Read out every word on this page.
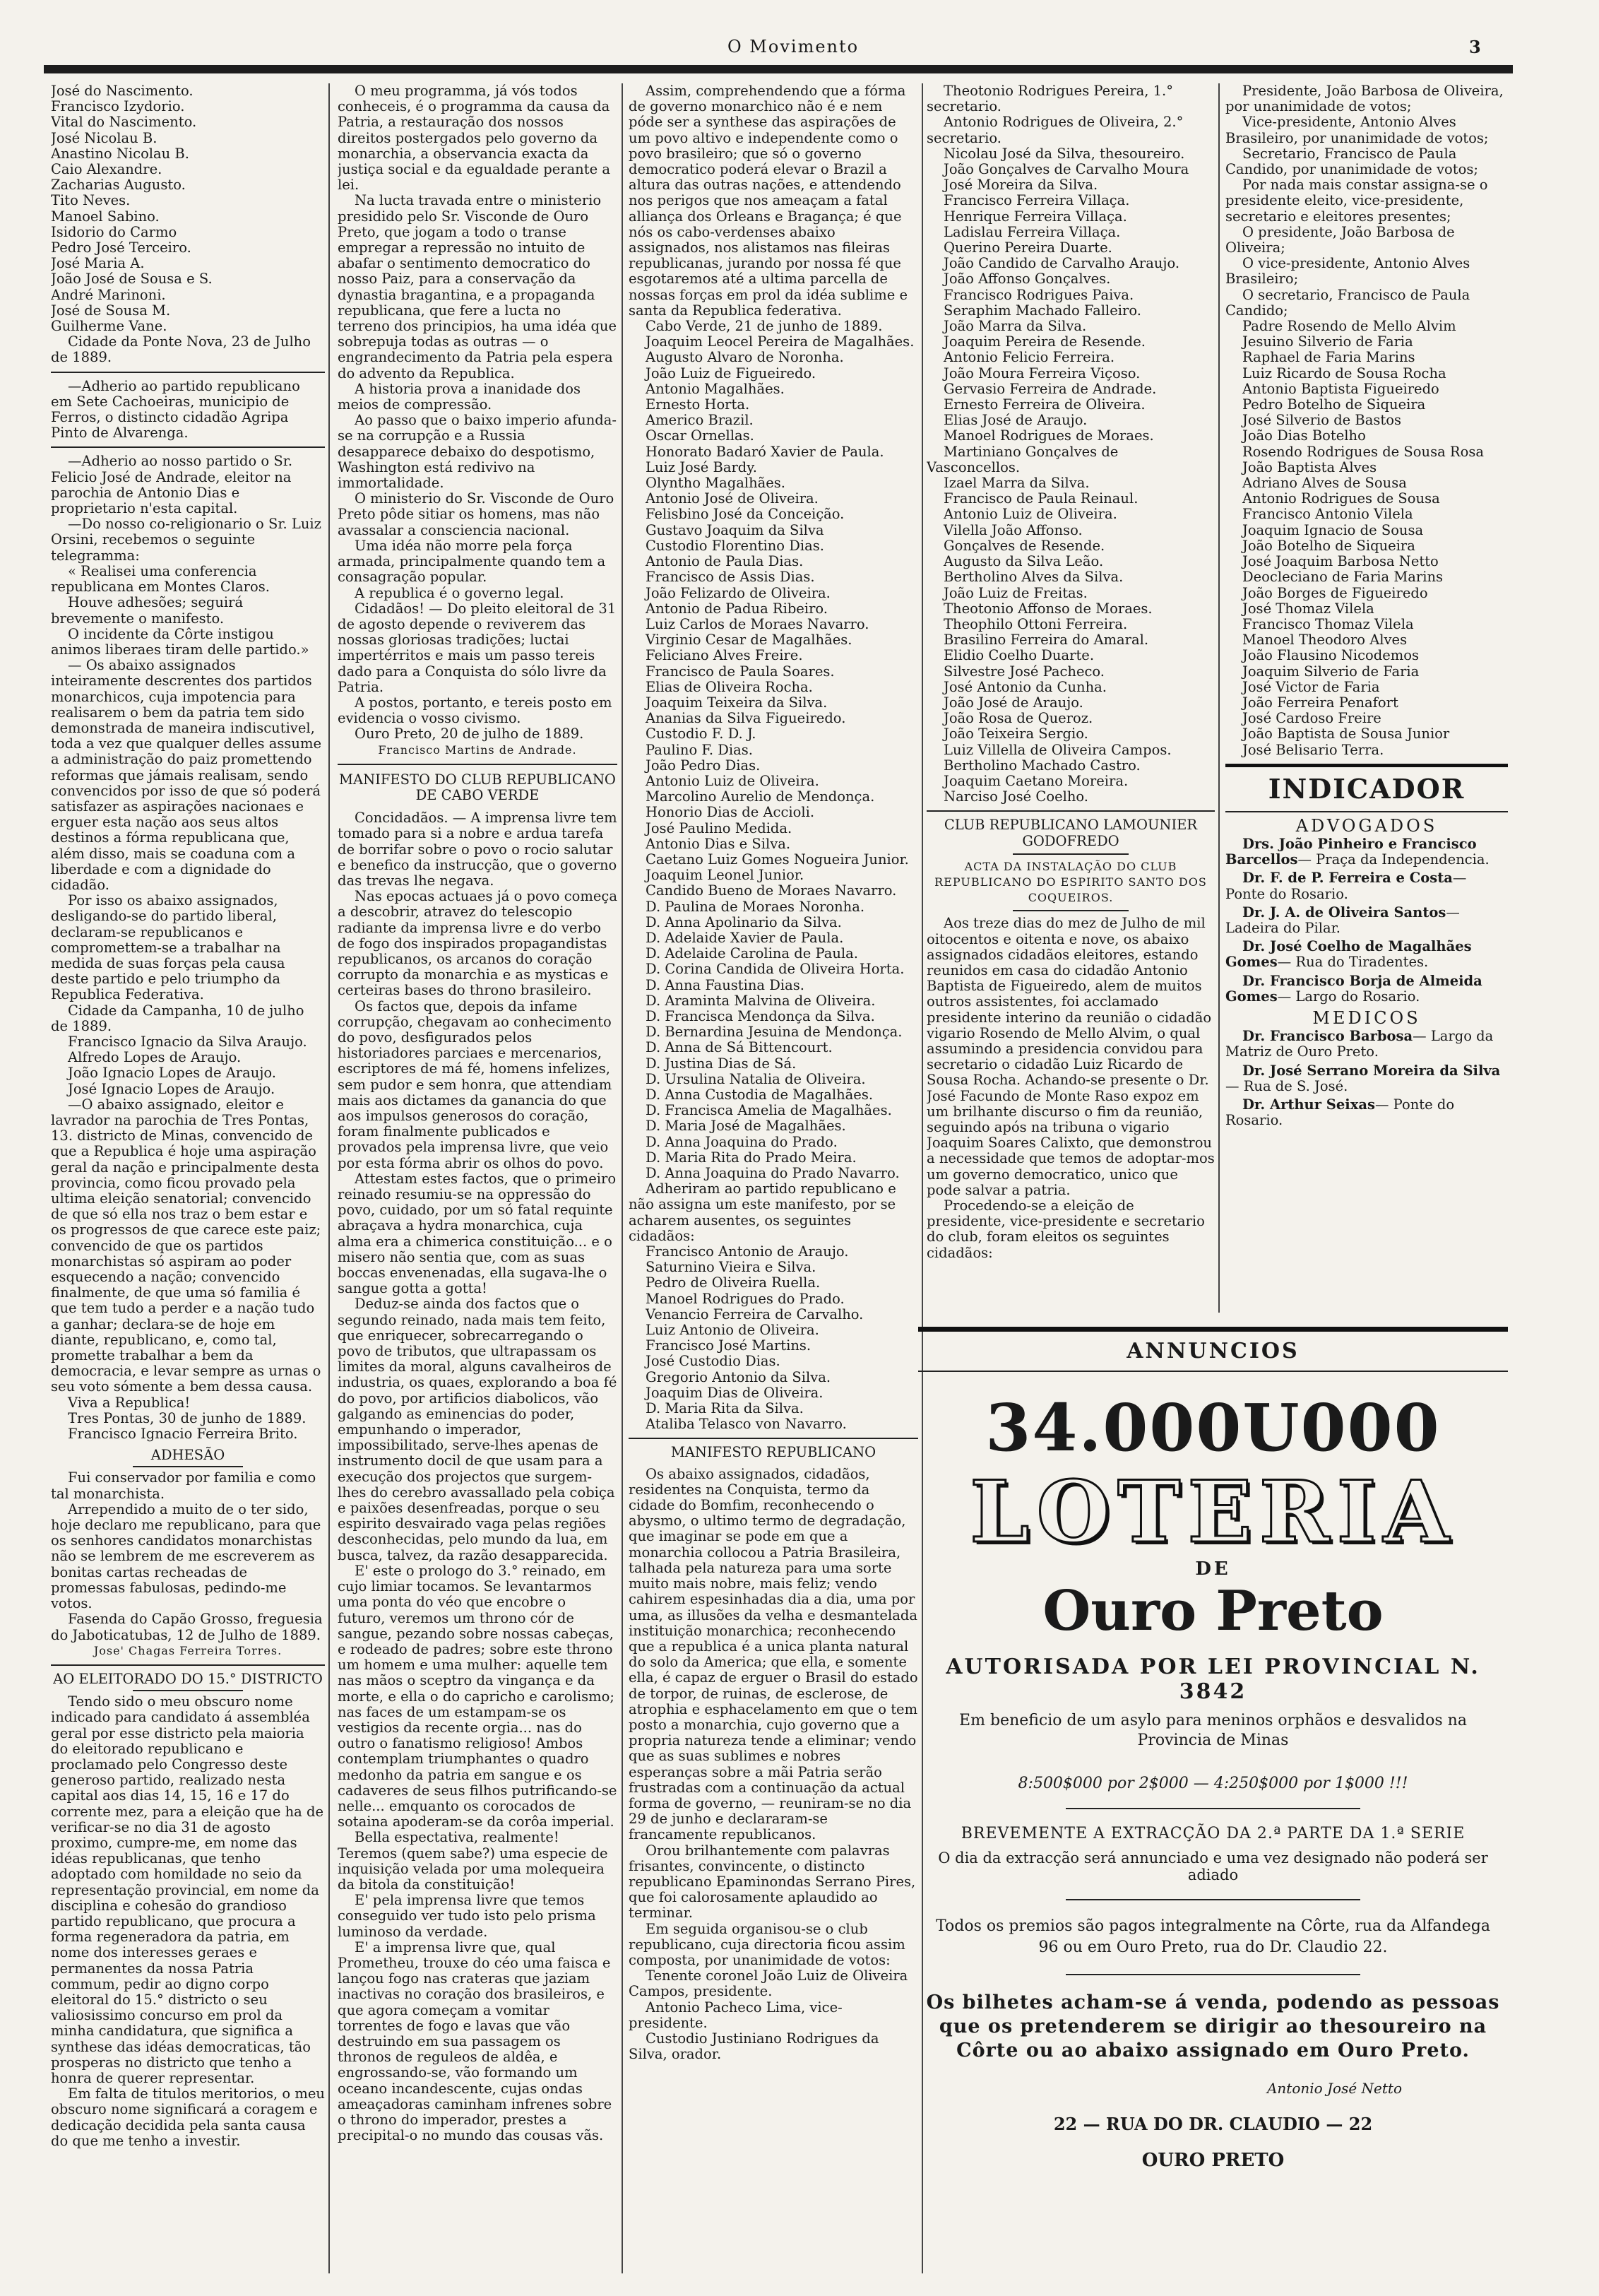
O Movimento	3

José do Nascimento.

Francisco Izydorio.

Vital do Nascimento.

José Nicolau B.

Anastino Nicolau B.

Caio Alexandre.

Zacharias Augusto.

Tito Neves.

Manoel Sabino.

Isidorio do Carmo

Pedro José Terceiro.

José Maria A.

João José de Sousa e S.

André Marinoni.

José de Sousa M.

Guilherme Vane.

Cidade da Ponte Nova, 23 de Julho de 1889.

—Adherio ao partido republicano em Sete Cachoeiras, municipio de Ferros, o distincto cidadão Agripa Pinto de Alvarenga.

—Adherio ao nosso partido o Sr. Felicio José de Andrade, eleitor na parochia de Antonio Dias e proprietario n'esta capital.

—Do nosso co-religionario o Sr. Luiz Orsini, recebemos o seguinte telegramma:

« Realisei uma conferencia republicana em Montes Claros.

Houve adhesões; seguirá brevemente o manifesto.

O incidente da Côrte instigou animos liberaes tiram delle partido.»

— Os abaixo assignados inteiramente descrentes dos partidos monarchicos, cuja impotencia para realisarem o bem da patria tem sido demonstrada de maneira indiscutivel, toda a vez que qualquer delles assume a administração do paiz promettendo reformas que jámais realisam, sendo convencidos por isso de que só poderá satisfazer as aspirações nacionaes e erguer esta nação aos seus altos destinos a fórma republicana que, além disso, mais se coaduna com a liberdade e com a dignidade do cidadão.

Por isso os abaixo assignados, desligando-se do partido liberal, declaram-se republicanos e compromettem-se a trabalhar na medida de suas forças pela causa deste partido e pelo triumpho da Republica Federativa.

Cidade da Campanha, 10 de julho de 1889.

Francisco Ignacio da Silva Araujo.

Alfredo Lopes de Araujo.

João Ignacio Lopes de Araujo.

José Ignacio Lopes de Araujo.

—O abaixo assignado, eleitor e lavrador na parochia de Tres Pontas, 13. districto de Minas, convencido de que a Republica é hoje uma aspiração geral da nação e principalmente desta provincia, como ficou provado pela ultima eleição senatorial; convencido de que só ella nos traz o bem estar e os progressos de que carece este paiz; convencido de que os partidos monarchistas só aspiram ao poder esquecendo a nação; convencido finalmente, de que uma só familia é que tem tudo a perder e a nação tudo a ganhar; declara-se de hoje em diante, republicano, e, como tal, promette trabalhar a bem da democracia, e levar sempre as urnas o seu voto sómente a bem dessa causa.

Viva a Republica!

Tres Pontas, 30 de junho de 1889.

Francisco Ignacio Ferreira Brito.

ADHESÃO

Fui conservador por familia e como tal monarchista.

Arrependido a muito de o ter sido, hoje declaro me republicano, para que os senhores candidatos monarchistas não se lembrem de me escreverem as bonitas cartas recheadas de promessas fabulosas, pedindo-me votos.

Fasenda do Capão Grosso, freguesia do Jaboticatubas, 12 de Julho de 1889.

Jose' Chagas Ferreira Torres.

AO ELEITORADO DO 15.° DISTRICTO

Tendo sido o meu obscuro nome indicado para candidato á assembléa geral por esse districto pela maioria do eleitorado republicano e proclamado pelo Congresso deste generoso partido, realizado nesta capital aos dias 14, 15, 16 e 17 do corrente mez, para a eleição que ha de verificar-se no dia 31 de agosto proximo, cumpre-me, em nome das idéas republicanas, que tenho adoptado com homildade no seio da representação provincial, em nome da disciplina e cohesão do grandioso partido republicano, que procura a forma regeneradora da patria, em nome dos interesses geraes e permanentes da nossa Patria commum, pedir ao digno corpo eleitoral do 15.° districto o seu valiosissimo concurso em prol da minha candidatura, que significa a synthese das idéas democraticas, tão prosperas no districto que tenho a honra de querer representar.

Em falta de titulos meritorios, o meu obscuro nome significará a coragem e dedicação decidida pela santa causa do que me tenho a investir.

O meu programma, já vós todos conheceis, é o programma da causa da Patria, a restauração dos nossos direitos postergados pelo governo da monarchia, a observancia exacta da justiça social e da egualdade perante a lei.

Na lucta travada entre o ministerio presidido pelo Sr. Visconde de Ouro Preto, que jogam a todo o transe empregar a repressão no intuito de abafar o sentimento democratico do nosso Paiz, para a conservação da dynastia bragantina, e a propaganda republicana, que fere a lucta no terreno dos principios, ha uma idéa que sobrepuja todas as outras — o engrandecimento da Patria pela espera do advento da Republica.

A historia prova a inanidade dos meios de compressão.

Ao passo que o baixo imperio afunda-se na corrupção e a Russia desapparece debaixo do despotismo, Washington está redivivo na immortalidade.

O ministerio do Sr. Visconde de Ouro Preto pôde sitiar os homens, mas não avassalar a consciencia nacional.

Uma idéa não morre pela força armada, principalmente quando tem a consagração popular.

A republica é o governo legal.

Cidadãos! — Do pleito eleitoral de 31 de agosto depende o reviverem das nossas gloriosas tradições; luctai impertérritos e mais um passo tereis dado para a Conquista do sólo livre da Patria.

A postos, portanto, e tereis posto em evidencia o vosso civismo.

Ouro Preto, 20 de julho de 1889.

Francisco Martins de Andrade.

MANIFESTO DO CLUB REPUBLICANO DE CABO VERDE

Concidadãos. — A imprensa livre tem tomado para si a nobre e ardua tarefa de borrifar sobre o povo o rocio salutar e benefico da instrucção, que o governo das trevas lhe negava.

Nas epocas actuaes já o povo começa a descobrir, atravez do telescopio radiante da imprensa livre e do verbo de fogo dos inspirados propagandistas republicanos, os arcanos do coração corrupto da monarchia e as mysticas e certeiras bases do throno brasileiro.

Os factos que, depois da infame corrupção, chegavam ao conhecimento do povo, desfigurados pelos historiadores parciaes e mercenarios, escriptores de má fé, homens infelizes, sem pudor e sem honra, que attendiam mais aos dictames da ganancia do que aos impulsos generosos do coração, foram finalmente publicados e provados pela imprensa livre, que veio por esta fórma abrir os olhos do povo.

Attestam estes factos, que o primeiro reinado resumiu-se na oppressão do povo, cuidado, por um só fatal requinte abraçava a hydra monarchica, cuja alma era a chimerica constituição... e o misero não sentia que, com as suas boccas envenenadas, ella sugava-lhe o sangue gotta a gotta!

Deduz-se ainda dos factos que o segundo reinado, nada mais tem feito, que enriquecer, sobrecarregando o povo de tributos, que ultrapassam os limites da moral, alguns cavalheiros de industria, os quaes, explorando a boa fé do povo, por artificios diabolicos, vão galgando as eminencias do poder, empunhando o imperador, impossibilitado, serve-lhes apenas de instrumento docil de que usam para a execução dos projectos que surgem-lhes do cerebro avassallado pela cobiça e paixões desenfreadas, porque o seu espirito desvairado vaga pelas regiões desconhecidas, pelo mundo da lua, em busca, talvez, da razão desapparecida.

E' este o prologo do 3.° reinado, em cujo limiar tocamos. Se levantarmos uma ponta do véo que encobre o futuro, veremos um throno cór de sangue, pezando sobre nossas cabeças, e rodeado de padres; sobre este throno um homem e uma mulher: aquelle tem nas mãos o sceptro da vingança e da morte, e ella o do capricho e carolismo; nas faces de um estampam-se os vestigios da recente orgia... nas do outro o fanatismo religioso! Ambos contemplam triumphantes o quadro medonho da patria em sangue e os cadaveres de seus filhos putrificando-se nelle... emquanto os corocados de sotaina apoderam-se da corôa imperial.

Bella espectativa, realmente! Teremos (quem sabe?) uma especie de inquisição velada por uma molequeira da bitola da constituição!

E' pela imprensa livre que temos conseguido ver tudo isto pelo prisma luminoso da verdade.

E' a imprensa livre que, qual Prometheu, trouxe do céo uma faisca e lançou fogo nas crateras que jaziam inactivas no coração dos brasileiros, e que agora começam a vomitar torrentes de fogo e lavas que vão destruindo em sua passagem os thronos de reguleos de aldêa, e engrossando-se, vão formando um oceano incandescente, cujas ondas ameaçadoras caminham infrenes sobre o throno do imperador, prestes a precipital-o no mundo das cousas vãs.

Assim, comprehendendo que a fórma de governo monarchico não é e nem póde ser a synthese das aspirações de um povo altivo e independente como o povo brasileiro; que só o governo democratico poderá elevar o Brazil a altura das outras nações, e attendendo nos perigos que nos ameaçam a fatal alliança dos Orleans e Bragança; é que nós os cabo-verdenses abaixo assignados, nos alistamos nas fileiras republicanas, jurando por nossa fé que esgotaremos até a ultima parcella de nossas forças em prol da idéa sublime e santa da Republica federativa.

Cabo Verde, 21 de junho de 1889.

Joaquim Leocel Pereira de Magalhães.

Augusto Alvaro de Noronha.

João Luiz de Figueiredo.

Antonio Magalhães.

Ernesto Horta.

Americo Brazil.

Oscar Ornellas.

Honorato Badaró Xavier de Paula.

Luiz José Bardy.

Olyntho Magalhães.

Antonio José de Oliveira.

Felisbino José da Conceição.

Gustavo Joaquim da Silva

Custodio Florentino Dias.

Antonio de Paula Dias.

Francisco de Assis Dias.

João Felizardo de Oliveira.

Antonio de Padua Ribeiro.

Luiz Carlos de Moraes Navarro.

Virginio Cesar de Magalhães.

Feliciano Alves Freire.

Francisco de Paula Soares.

Elias de Oliveira Rocha.

Joaquim Teixeira da Silva.

Ananias da Silva Figueiredo.

Custodio F. D. J.

Paulino F. Dias.

João Pedro Dias.

Antonio Luiz de Oliveira.

Marcolino Aurelio de Mendonça.

Honorio Dias de Accioli.

José Paulino Medida.

Antonio Dias e Silva.

Caetano Luiz Gomes Nogueira Junior.

Joaquim Leonel Junior.

Candido Bueno de Moraes Navarro.

D. Paulina de Moraes Noronha.

D. Anna Apolinario da Silva.

D. Adelaide Xavier de Paula.

D. Adelaide Carolina de Paula.

D. Corina Candida de Oliveira Horta.

D. Anna Faustina Dias.

D. Araminta Malvina de Oliveira.

D. Francisca Mendonça da Silva.

D. Bernardina Jesuina de Mendonça.

D. Anna de Sá Bittencourt.

D. Justina Dias de Sá.

D. Ursulina Natalia de Oliveira.

D. Anna Custodia de Magalhães.

D. Francisca Amelia de Magalhães.

D. Maria José de Magalhães.

D. Anna Joaquina do Prado.

D. Maria Rita do Prado Meira.

D. Anna Joaquina do Prado Navarro.

Adheriram ao partido republicano e não assigna um este manifesto, por se acharem ausentes, os seguintes cidadãos:

Francisco Antonio de Araujo.

Saturnino Vieira e Silva.

Pedro de Oliveira Ruella.

Manoel Rodrigues do Prado.

Venancio Ferreira de Carvalho.

Luiz Antonio de Oliveira.

Francisco José Martins.

José Custodio Dias.

Gregorio Antonio da Silva.

Joaquim Dias de Oliveira.

D. Maria Rita da Silva.

Ataliba Telasco von Navarro.

MANIFESTO REPUBLICANO

Os abaixo assignados, cidadãos, residentes na Conquista, termo da cidade do Bomfim, reconhecendo o abysmo, o ultimo termo de degradação, que imaginar se pode em que a monarchia collocou a Patria Brasileira, talhada pela natureza para uma sorte muito mais nobre, mais feliz; vendo cahirem espesinhadas dia a dia, uma por uma, as illusões da velha e desmantelada instituição monarchica; reconhecendo que a republica é a unica planta natural do solo da America; que ella, e somente ella, é capaz de erguer o Brasil do estado de torpor, de ruinas, de esclerose, de atrophia e esphacelamento em que o tem posto a monarchia, cujo governo que a propria natureza tende a eliminar; vendo que as suas sublimes e nobres esperanças sobre a mãi Patria serão frustradas com a continuação da actual forma de governo, — reuniram-se no dia 29 de junho e declararam-se francamente republicanos.

Orou brilhantemente com palavras frisantes, convincente, o distincto republicano Epaminondas Serrano Pires, que foi calorosamente aplaudido ao terminar.

Em seguida organisou-se o club republicano, cuja directoria ficou assim composta, por unanimidade de votos:

Tenente coronel João Luiz de Oliveira Campos, presidente.

Antonio Pacheco Lima, vice-presidente.

Custodio Justiniano Rodrigues da Silva, orador.

Theotonio Rodrigues Pereira, 1.° secretario.

Antonio Rodrigues de Oliveira, 2.° secretario.

Nicolau José da Silva, thesoureiro.

João Gonçalves de Carvalho Moura

José Moreira da Silva.

Francisco Ferreira Villaça.

Henrique Ferreira Villaça.

Ladislau Ferreira Villaça.

Querino Pereira Duarte.

João Candido de Carvalho Araujo.

João Affonso Gonçalves.

Francisco Rodrigues Paiva.

Seraphim Machado Falleiro.

João Marra da Silva.

Joaquim Pereira de Resende.

Antonio Felicio Ferreira.

João Moura Ferreira Viçoso.

Gervasio Ferreira de Andrade.

Ernesto Ferreira de Oliveira.

Elias José de Araujo.

Manoel Rodrigues de Moraes.

Martiniano Gonçalves de Vasconcellos.

Izael Marra da Silva.

Francisco de Paula Reinaul.

Antonio Luiz de Oliveira.

Vilella João Affonso.

Gonçalves de Resende.

Augusto da Silva Leão.

Bertholino Alves da Silva.

João Luiz de Freitas.

Theotonio Affonso de Moraes.

Theophilo Ottoni Ferreira.

Brasilino Ferreira do Amaral.

Elidio Coelho Duarte.

Silvestre José Pacheco.

José Antonio da Cunha.

João José de Araujo.

João Rosa de Queroz.

João Teixeira Sergio.

Luiz Villella de Oliveira Campos.

Bertholino Machado Castro.

Joaquim Caetano Moreira.

Narciso José Coelho.

CLUB REPUBLICANO LAMOUNIER GODOFREDO

ACTA DA INSTALAÇÃO DO CLUB REPUBLICANO DO ESPIRITO SANTO DOS COQUEIROS.

Aos treze dias do mez de Julho de mil oitocentos e oitenta e nove, os abaixo assignados cidadãos eleitores, estando reunidos em casa do cidadão Antonio Baptista de Figueiredo, alem de muitos outros assistentes, foi acclamado presidente interino da reunião o cidadão vigario Rosendo de Mello Alvim, o qual assumindo a presidencia convidou para secretario o cidadão Luiz Ricardo de Sousa Rocha. Achando-se presente o Dr. José Facundo de Monte Raso expoz em um brilhante discurso o fim da reunião, seguindo após na tribuna o vigario Joaquim Soares Calixto, que demonstrou a necessidade que temos de adoptar-mos um governo democratico, unico que pode salvar a patria.

Procedendo-se a eleição de presidente, vice-presidente e secretario do club, foram eleitos os seguintes cidadãos:

Presidente, João Barbosa de Oliveira, por unanimidade de votos;

Vice-presidente, Antonio Alves Brasileiro, por unanimidade de votos;

Secretario, Francisco de Paula Candido, por unanimidade de votos;

Por nada mais constar assigna-se o presidente eleito, vice-presidente, secretario e eleitores presentes;

O presidente, João Barbosa de Oliveira;

O vice-presidente, Antonio Alves Brasileiro;

O secretario, Francisco de Paula Candido;

Padre Rosendo de Mello Alvim

Jesuino Silverio de Faria

Raphael de Faria Marins

Luiz Ricardo de Sousa Rocha

Antonio Baptista Figueiredo

Pedro Botelho de Siqueira

José Silverio de Bastos

João Dias Botelho

Rosendo Rodrigues de Sousa Rosa

João Baptista Alves

Adriano Alves de Sousa

Antonio Rodrigues de Sousa

Francisco Antonio Vilela

Joaquim Ignacio de Sousa

João Botelho de Siqueira

José Joaquim Barbosa Netto

Deocleciano de Faria Marins

João Borges de Figueiredo

José Thomaz Vilela

Francisco Thomaz Vilela

Manoel Theodoro Alves

João Flausino Nicodemos

Joaquim Silverio de Faria

José Victor de Faria

João Ferreira Penafort

José Cardoso Freire

João Baptista de Sousa Junior

José Belisario Terra.

INDICADOR

ADVOGADOS

Drs. João Pinheiro e Francisco Barcellos— Praça da Independencia.

Dr. F. de P. Ferreira e Costa— Ponte do Rosario.

Dr. J. A. de Oliveira Santos— Ladeira do Pilar.

Dr. José Coelho de Magalhães Gomes— Rua do Tiradentes.

Dr. Francisco Borja de Almeida Gomes— Largo do Rosario.

MEDICOS

Dr. Francisco Barbosa— Largo da Matriz de Ouro Preto.

Dr. José Serrano Moreira da Silva— Rua de S. José.

Dr. Arthur Seixas— Ponte do Rosario.

ANNUNCIOS

34.000U000

LOTERIA

DE

Ouro Preto

AUTORISADA POR LEI PROVINCIAL N. 3842

Em beneficio de um asylo para meninos orphãos e desvalidos na Provincia de Minas

8:500$000 por 2$000 — 4:250$000 por 1$000 !!!

BREVEMENTE A EXTRACÇÃO DA 2.ª PARTE DA 1.ª SERIE

O dia da extracção será annunciado e uma vez designado não poderá ser adiado

Todos os premios são pagos integralmente na Côrte, rua da Alfandega 96 ou em Ouro Preto, rua do Dr. Claudio 22.

Os bilhetes acham-se á venda, podendo as pessoas que os pretenderem se dirigir ao thesoureiro na Côrte ou ao abaixo assignado em Ouro Preto.

Antonio José Netto

22 — RUA DO DR. CLAUDIO — 22

OURO PRETO
